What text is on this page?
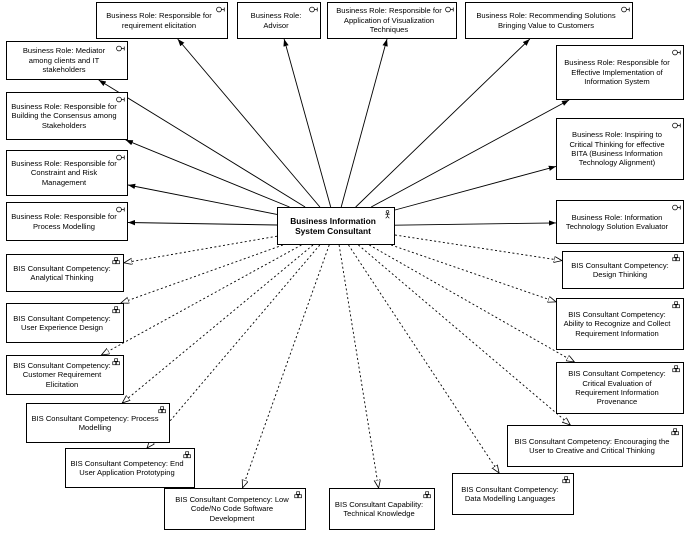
Business Information System Consultant
Business Role: Responsible for requirement elicitation
Business Role: Advisor
Business Role: Responsible for Application of Visualization Techniques
Business Role: Recommending Solutions Bringing Value to Customers
Business Role: Mediator among clients and IT stakeholders
Business Role: Responsible for Building the Consensus among Stakeholders
Business Role: Responsible for Constraint and Risk Management
Business Role: Responsible for Process Modelling
Business Role: Responsible for Effective Implementation of Information System
Business Role: Inspiring to Critical Thinking for effective BITA (Business Information Technology Alignment)
Business Role: Information Technology Solution Evaluator
BIS Consultant Competency: Analytical Thinking
BIS Consultant Competency: User Experience Design
BIS Consultant Competency: Customer Requirement Elicitation
BIS Consultant Competency: Process Modelling
BIS Consultant Competency: End User Application Prototyping
BIS Consultant Competency: Low Code/No Code Software Development
BIS Consultant Capability: Technical Knowledge
BIS Consultant Competency: Data Modelling Languages
BIS Consultant Competency: Encouraging the User to Creative and Critical Thinking
BIS Consultant Competency: Critical Evaluation of Requirement Information Provenance
BIS Consultant Competency: Ability to Recognize and Collect Requirement Information
BIS Consultant Competency: Design Thinking
